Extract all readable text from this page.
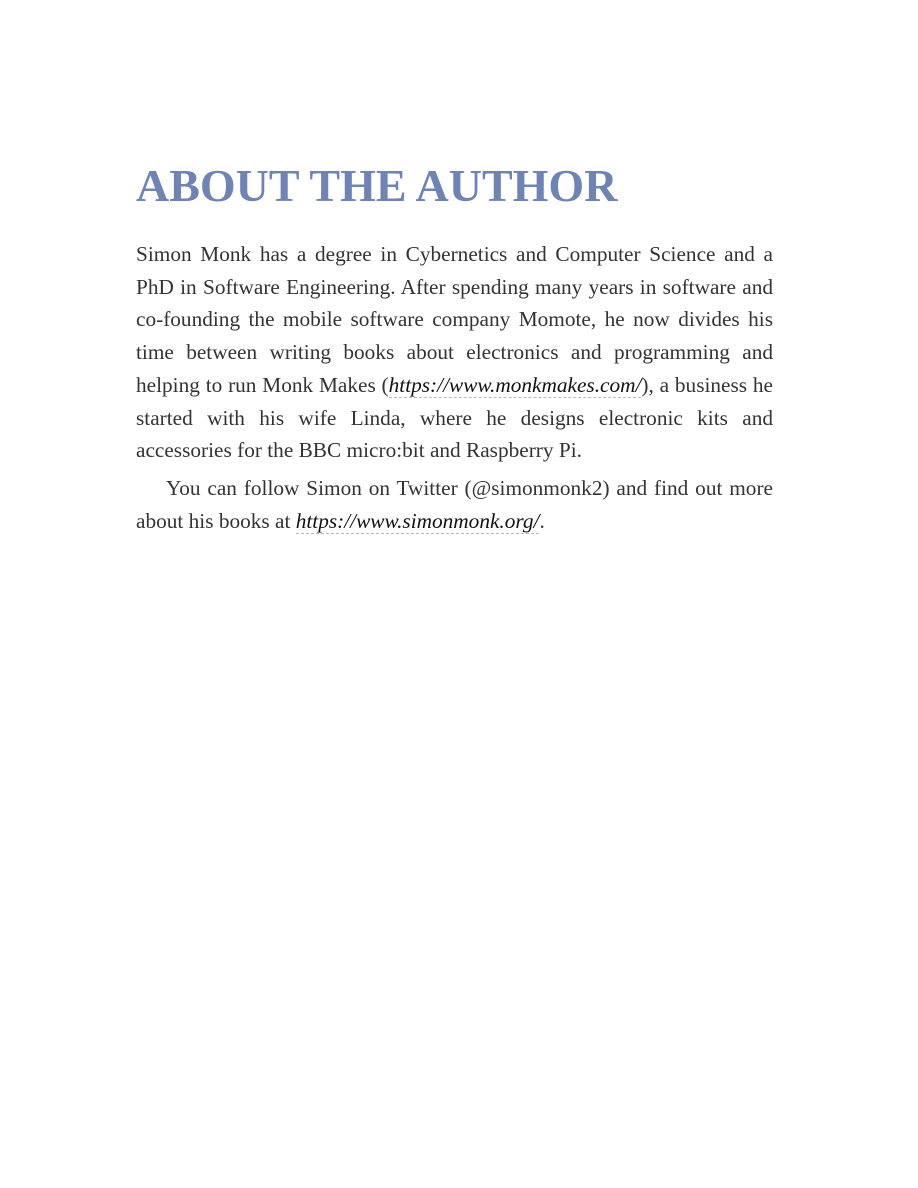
ABOUT THE AUTHOR

Simon Monk has a degree in Cybernetics and Computer Science and a PhD in Software Engineering. After spending many years in software and co-founding the mobile software company Momote, he now divides his time between writing books about electronics and programming and helping to run Monk Makes (https://www.monkmakes.com/), a business he started with his wife Linda, where he designs electronic kits and accessories for the BBC micro:bit and Raspberry Pi.

You can follow Simon on Twitter (@simonmonk2) and find out more about his books at https://www.simonmonk.org/.
